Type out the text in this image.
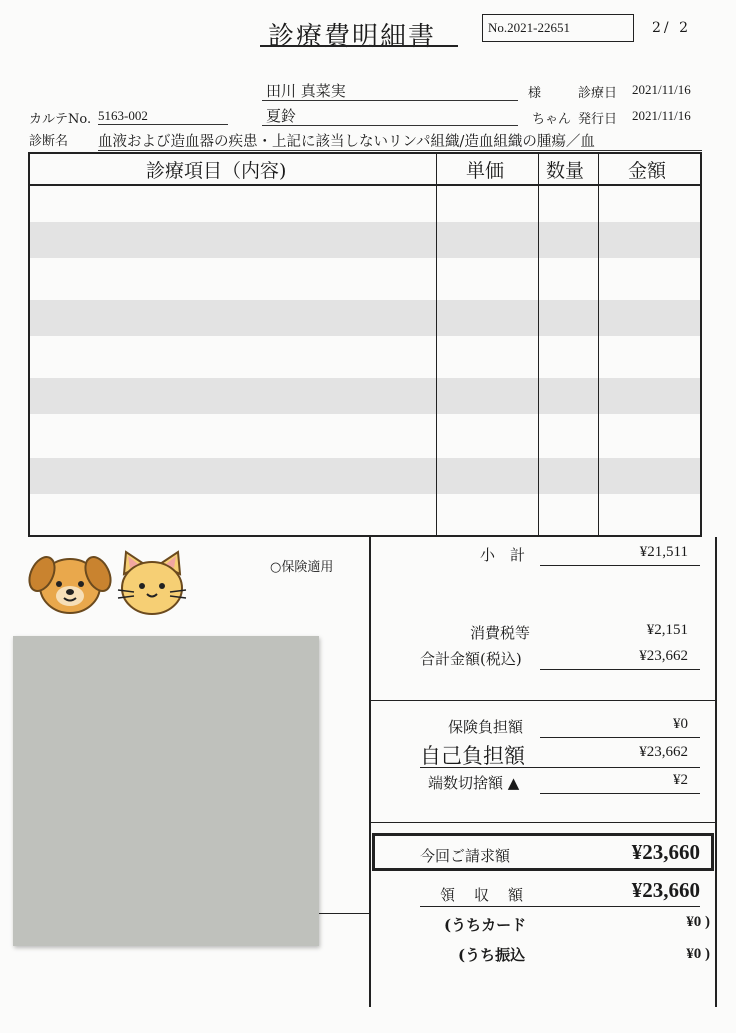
診療費明細書	No.2021-22651	2/ 2
田川 真菜実	様	診療日 2021/11/16
カルテNo. 5163-002	夏鈴	ちゃん 発行日 2021/11/16
診断名 血液および造血器の疾患・上記に該当しないリンパ組織/造血組織の腫瘍／血
診療項目（内容)	単価 数量 金額
○保険適用
小　計	¥21,511
消費税等	¥2,151
合計金額(税込)	¥23,662
保険負担額	¥0
自己負担額	¥23,662
端数切捨額 ▲	¥2
今回ご請求額	¥23,660
領　収　額	¥23,660
(うちカード	¥0 )
(うち振込	¥0 )
